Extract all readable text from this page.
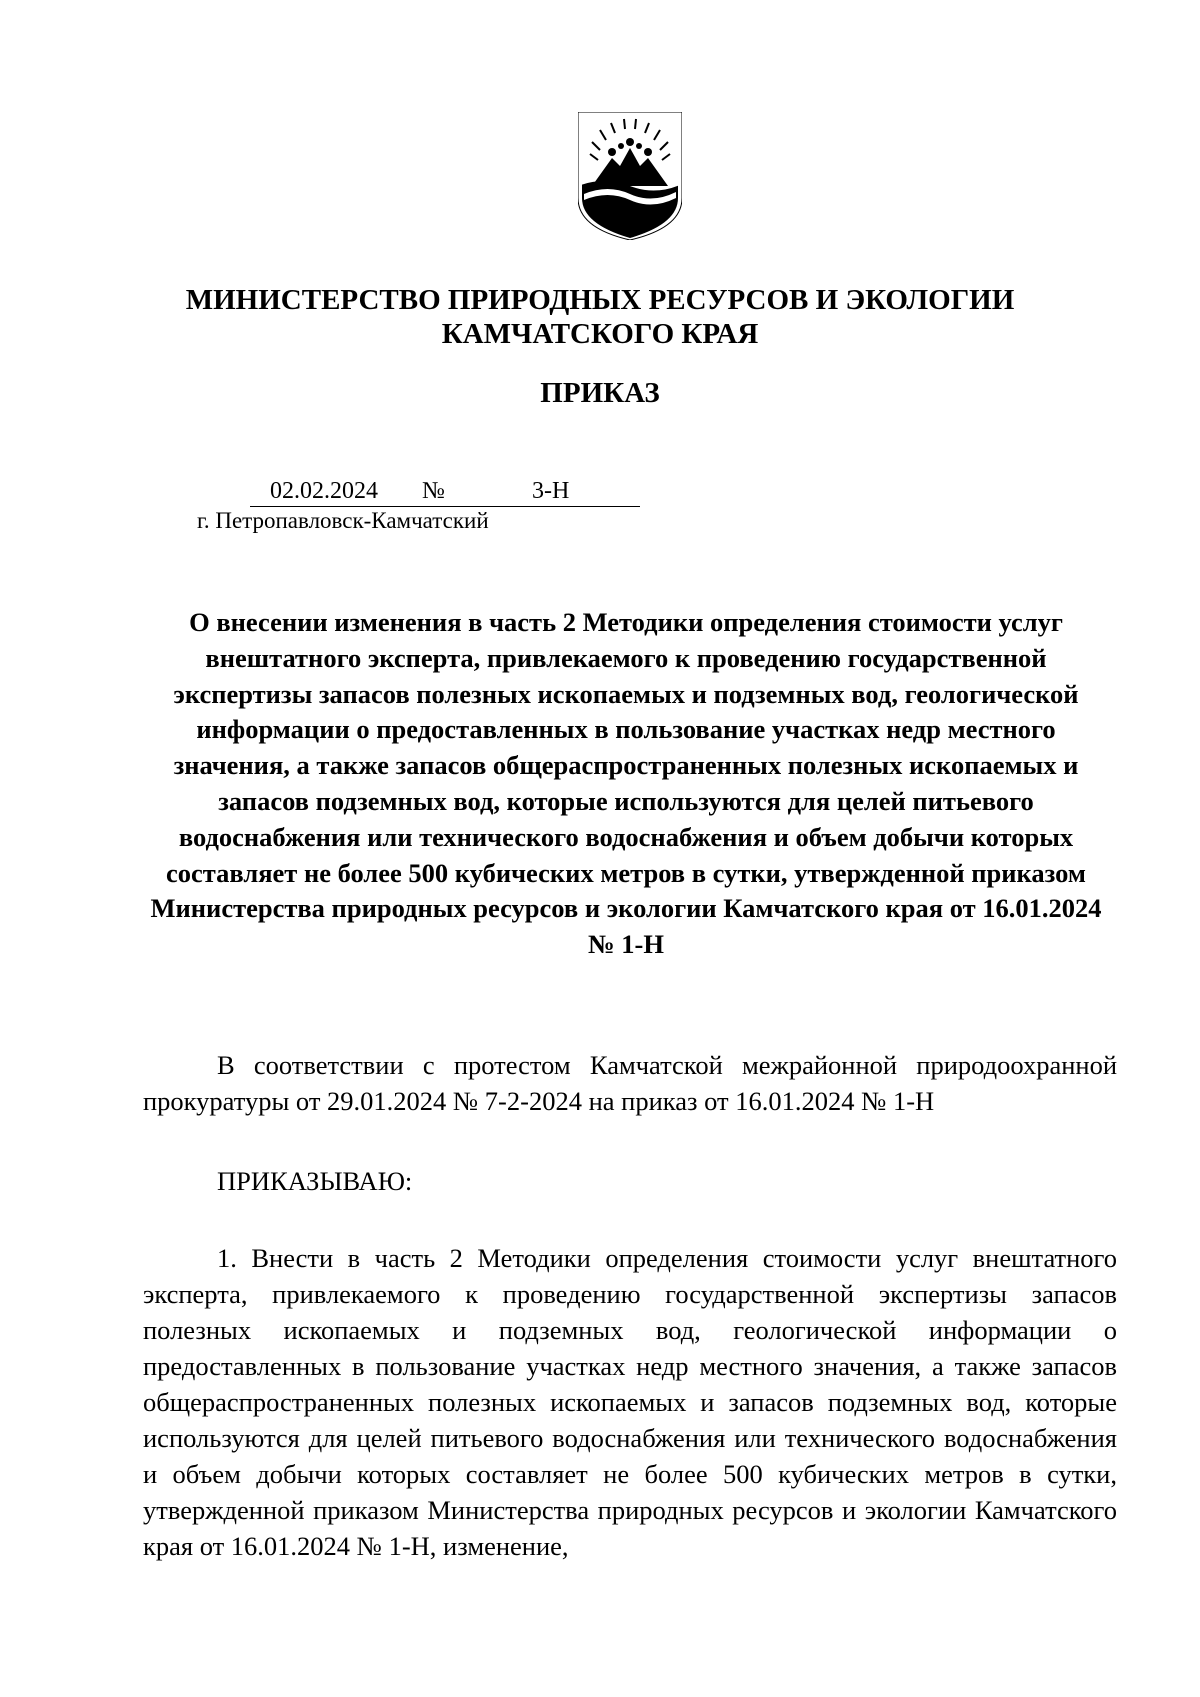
МИНИСТЕРСТВО ПРИРОДНЫХ РЕСУРСОВ И ЭКОЛОГИИ
КАМЧАТСКОГО КРАЯ
ПРИКАЗ
02.02.2024 №	3-Н
г. Петропавловск-Камчатский
О внесении изменения в часть 2 Методики определения стоимости услуг внештатного эксперта, привлекаемого к проведению государственной экспертизы запасов полезных ископаемых и подземных вод, геологической информации о предоставленных в пользование участках недр местного значения, а также запасов общераспространенных полезных ископаемых и запасов подземных вод, которые используются для целей питьевого водоснабжения или технического водоснабжения и объем добычи которых составляет не более 500 кубических метров в сутки, утвержденной приказом Министерства природных ресурсов и экологии Камчатского края от 16.01.2024 № 1-Н
В соответствии с протестом Камчатской межрайонной природоохранной прокуратуры от 29.01.2024 № 7-2-2024 на приказ от 16.01.2024 № 1-Н
ПРИКАЗЫВАЮ:
1. Внести в часть 2 Методики определения стоимости услуг внештатного эксперта, привлекаемого к проведению государственной экспертизы запасов полезных ископаемых и подземных вод, геологической информации о предоставленных в пользование участках недр местного значения, а также запасов общераспространенных полезных ископаемых и запасов подземных вод, которые используются для целей питьевого водоснабжения или технического водоснабжения и объем добычи которых составляет не более 500 кубических метров в сутки, утвержденной приказом Министерства природных ресурсов и экологии Камчатского края от 16.01.2024 № 1-Н, изменение,
